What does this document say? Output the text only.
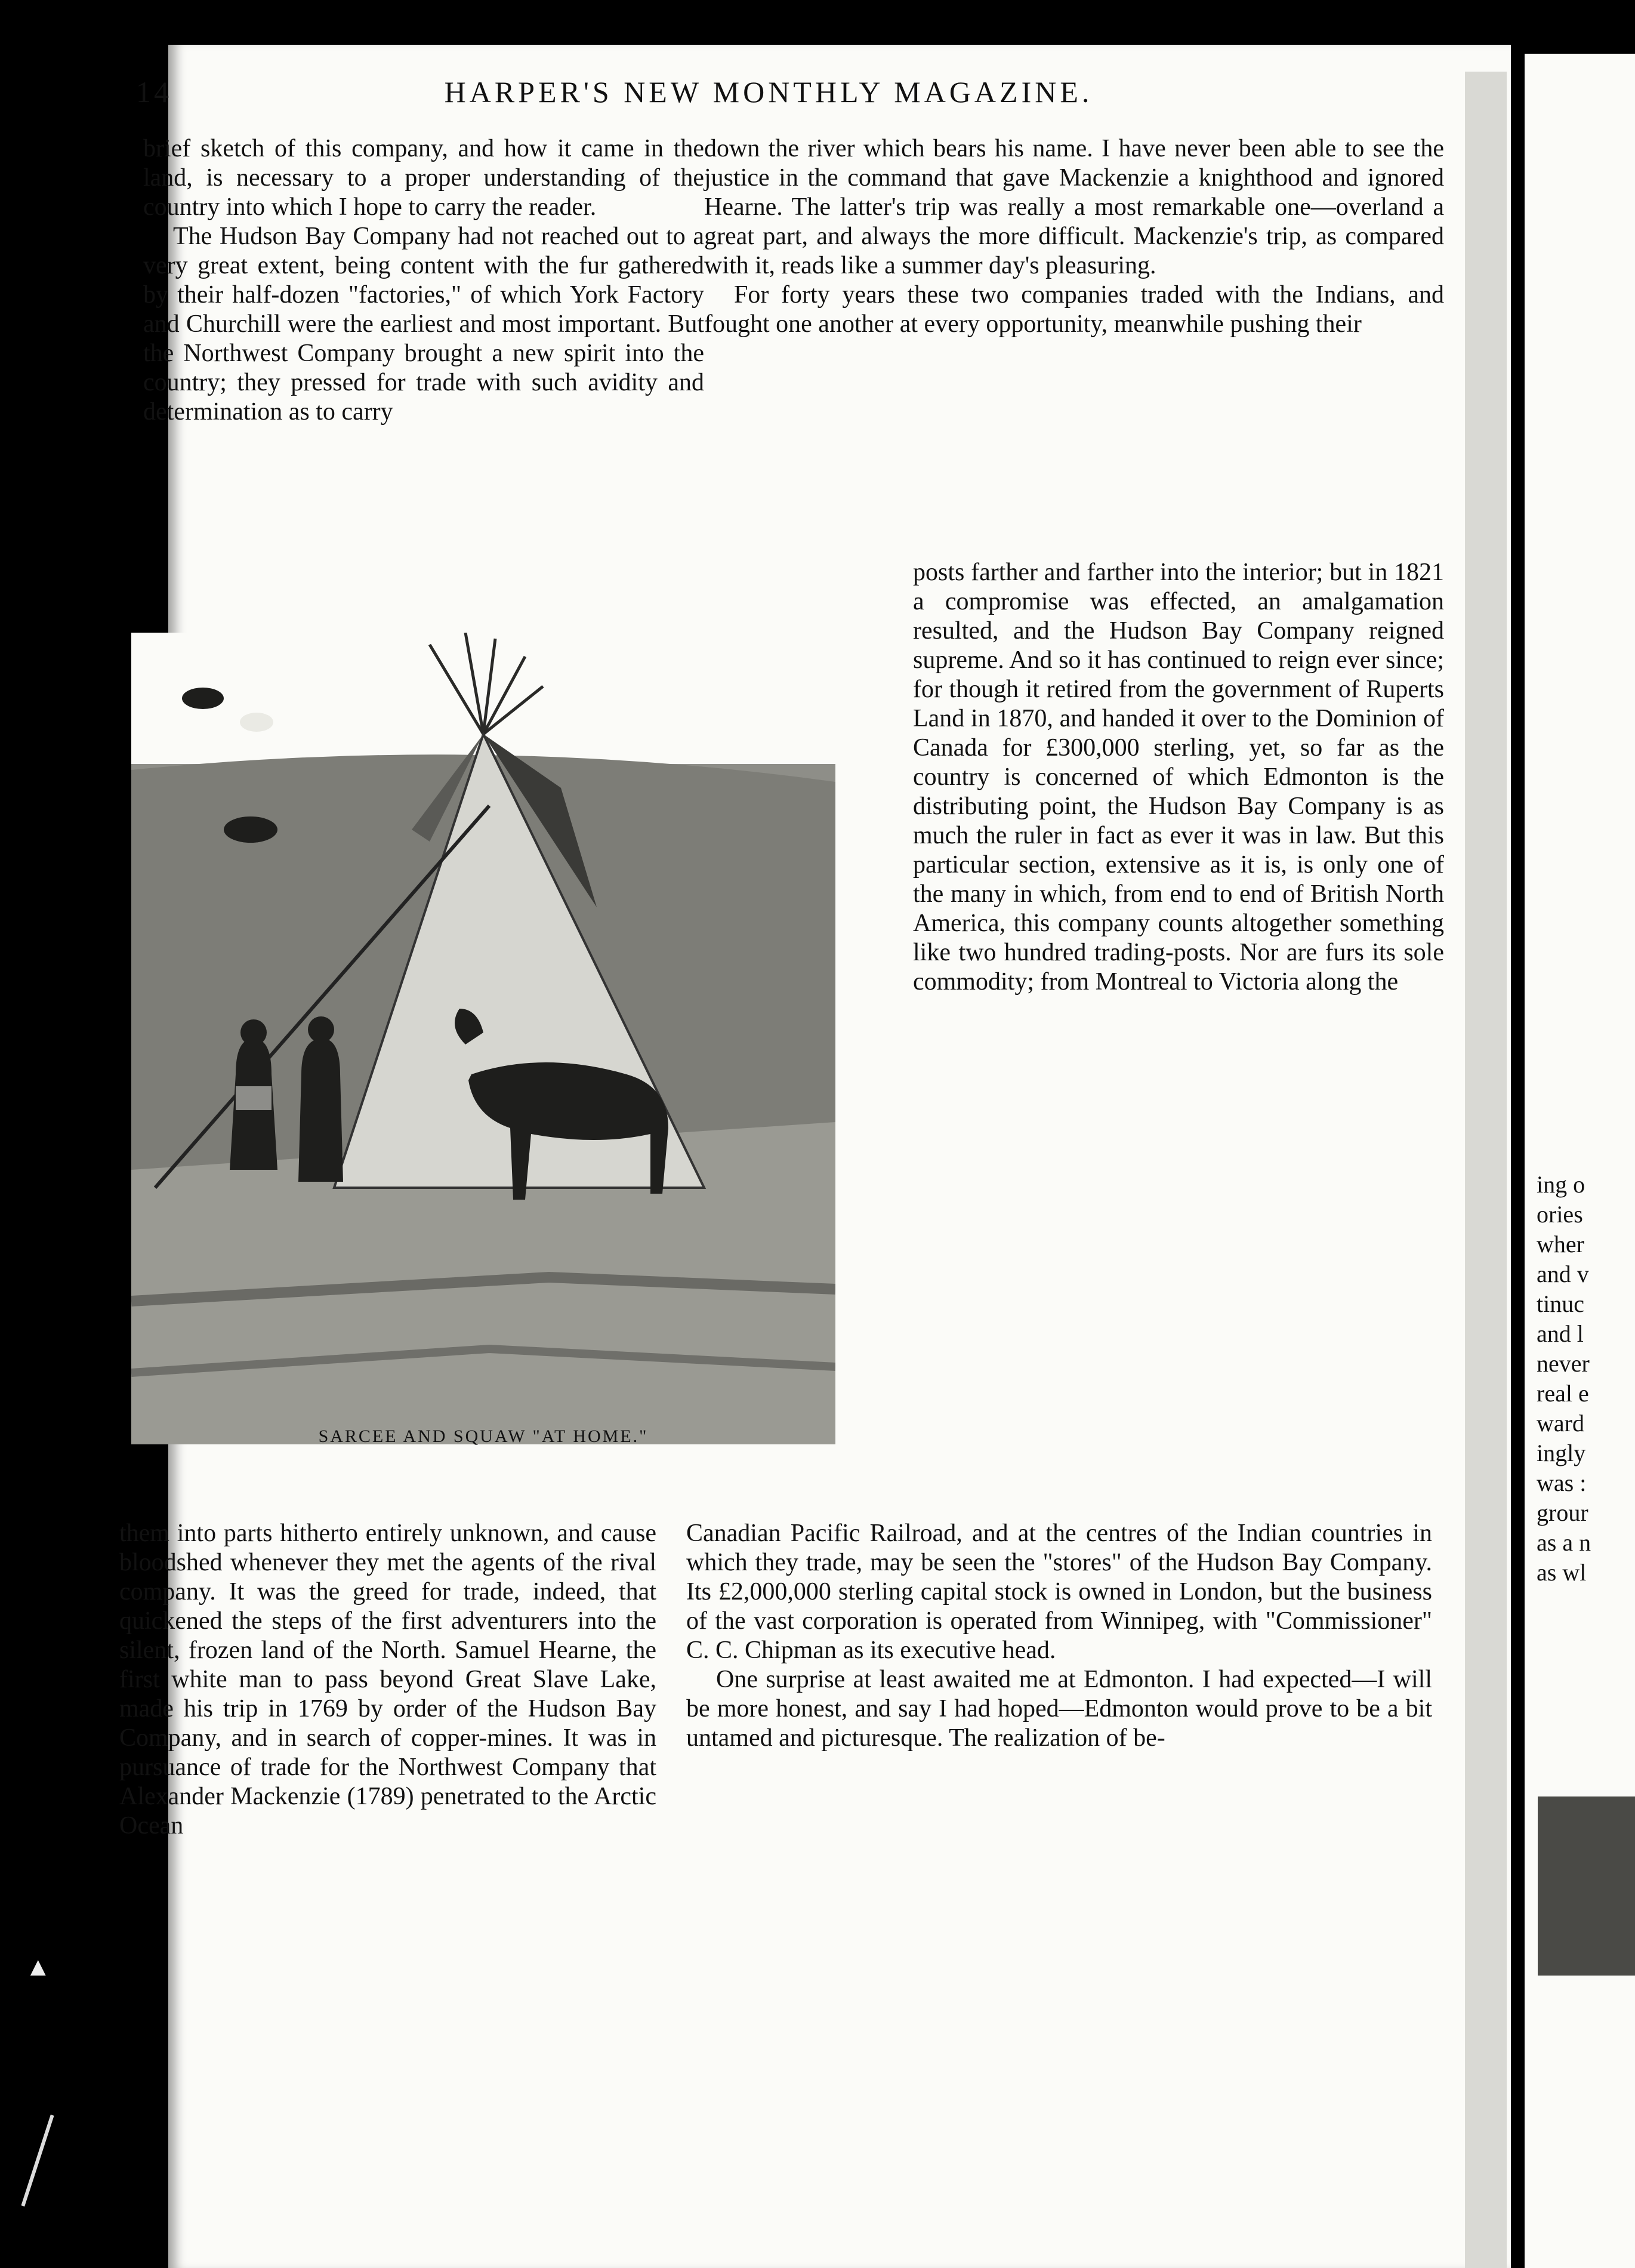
ing o
ories
wher
and v
tinuc
and l
never
real e
ward
ingly
was :
grour
as a n
as wl
▲
14	HARPER'S NEW MONTHLY MAGAZINE.

brief sketch of this company, and how it came in the land, is necessary to a proper understanding of the country into which I hope to carry the reader.

The Hudson Bay Company had not reached out to a very great extent, being content with the fur gathered by their half-dozen "factories," of which York Factory and Churchill were the earliest and most important. But the Northwest Company brought a new spirit into the country; they pressed for trade with such avidity and determination as to carry

down the river which bears his name. I have never been able to see the justice in the command that gave Mackenzie a knighthood and ignored Hearne. The latter's trip was really a most remarkable one—overland a great part, and always the more difficult. Mackenzie's trip, as compared with it, reads like a summer day's pleasuring.

For forty years these two companies traded with the Indians, and fought one another at every opportunity, meanwhile pushing their

posts farther and farther into the interior; but in 1821 a compromise was effected, an amalgamation resulted, and the Hudson Bay Company reigned supreme. And so it has continued to reign ever since; for though it retired from the government of Ruperts Land in 1870, and handed it over to the Dominion of Canada for £300,000 sterling, yet, so far as the country is concerned of which Edmonton is the distributing point, the Hudson Bay Company is as much the ruler in fact as ever it was in law. But this particular section, extensive as it is, is only one of the many in which, from end to end of British North America, this company counts altogether something like two hundred trading-posts. Nor are furs its sole commodity; from Montreal to Victoria along the

SARCEE AND SQUAW "AT HOME."

them into parts hitherto entirely unknown, and cause bloodshed whenever they met the agents of the rival company. It was the greed for trade, indeed, that quickened the steps of the first adventurers into the silent, frozen land of the North. Samuel Hearne, the first white man to pass beyond Great Slave Lake, made his trip in 1769 by order of the Hudson Bay Company, and in search of copper-mines. It was in pursuance of trade for the Northwest Company that Alexander Mackenzie (1789) penetrated to the Arctic Ocean

Canadian Pacific Railroad, and at the centres of the Indian countries in which they trade, may be seen the "stores" of the Hudson Bay Company. Its £2,000,000 sterling capital stock is owned in London, but the business of the vast corporation is operated from Winnipeg, with "Commissioner" C. C. Chipman as its executive head.

One surprise at least awaited me at Edmonton. I had expected—I will be more honest, and say I had hoped—Edmonton would prove to be a bit untamed and picturesque. The realization of be-
